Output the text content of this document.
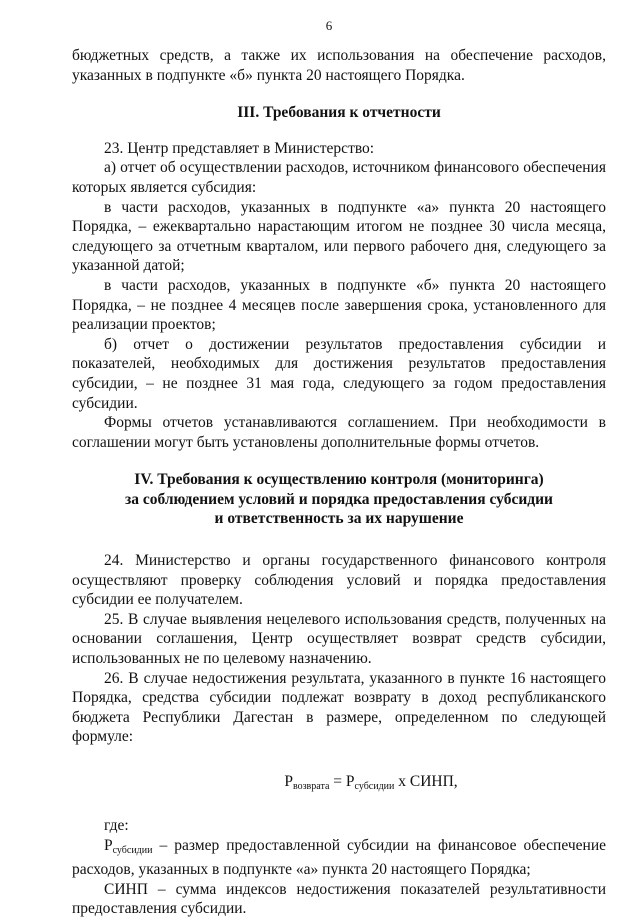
6

бюджетных средств, а также их использования на обеспечение расходов, указанных в подпункте «б» пункта 20 настоящего Порядка.

III. Требования к отчетности

23. Центр представляет в Министерство:

а) отчет об осуществлении расходов, источником финансового обеспечения которых является субсидия:

в части расходов, указанных в подпункте «а» пункта 20 настоящего Порядка, – ежеквартально нарастающим итогом не позднее 30 числа месяца, следующего за отчетным кварталом, или первого рабочего дня, следующего за указанной датой;

в части расходов, указанных в подпункте «б» пункта 20 настоящего Порядка, – не позднее 4 месяцев после завершения срока, установленного для реализации проектов;

б) отчет о достижении результатов предоставления субсидии и показателей, необходимых для достижения результатов предоставления субсидии, – не позднее 31 мая года, следующего за годом предоставления субсидии.

Формы отчетов устанавливаются соглашением. При необходимости в соглашении могут быть установлены дополнительные формы отчетов.

IV. Требования к осуществлению контроля (мониторинга)

за соблюдением условий и порядка предоставления субсидии

и ответственность за их нарушение

24. Министерство и органы государственного финансового контроля осуществляют проверку соблюдения условий и порядка предоставления субсидии ее получателем.

25. В случае выявления нецелевого использования средств, полученных на основании соглашения, Центр осуществляет возврат средств субсидии, использованных не по целевому назначению.

26. В случае недостижения результата, указанного в пункте 16 настоящего Порядка, средства субсидии подлежат возврату в доход республиканского бюджета Республики Дагестан в размере, определенном по следующей формуле:

$Р_{возврата} = Р_{субсидии}$ х СИНП,

где:

$Р_{субсидии}$ – размер предоставленной субсидии на финансовое обеспечение расходов, указанных в подпункте «а» пункта 20 настоящего Порядка;

СИНП – сумма индексов недостижения показателей результативности предоставления субсидии.
